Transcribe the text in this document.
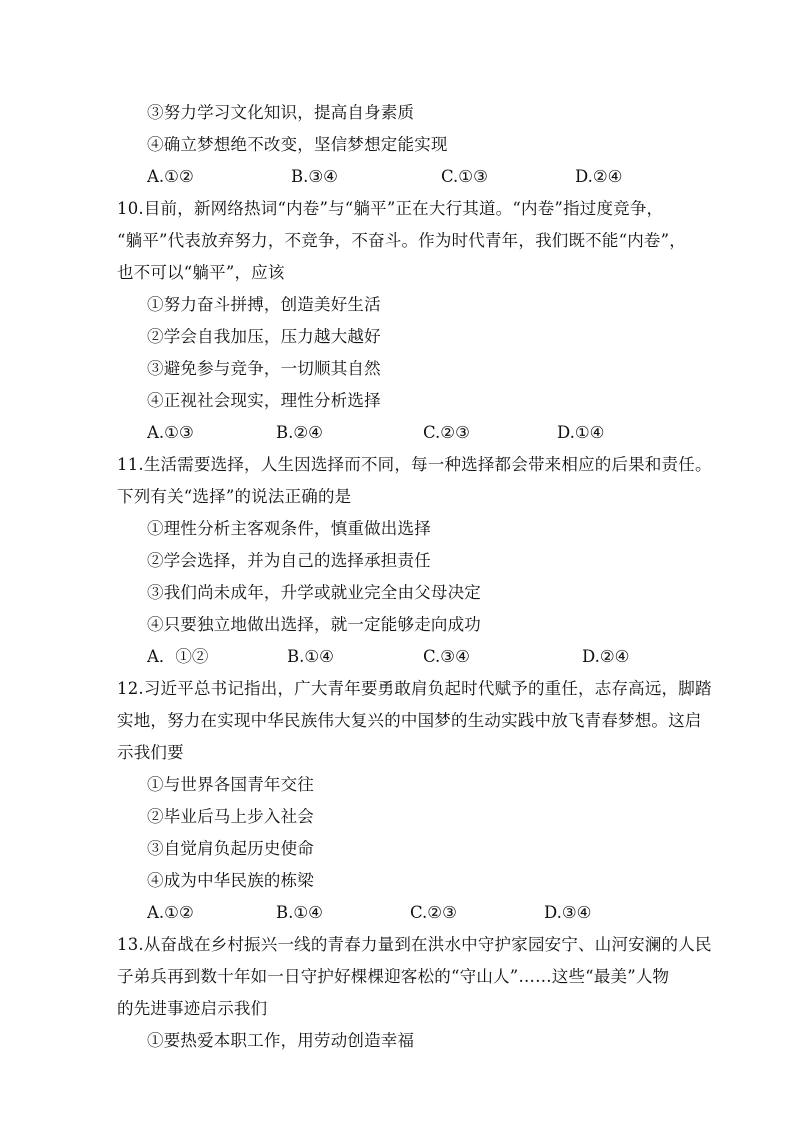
③努力学习文化知识，提高自身素质
④确立梦想绝不改变，坚信梦想定能实现
A.①②	B.③④	C.①③	D.②④
10.目前，新网络热词“内卷”与“躺平”正在大行其道。“内卷”指过度竞争，
“躺平”代表放弃努力，不竞争，不奋斗。作为时代青年，我们既不能“内卷”，
也不可以“躺平”，应该
①努力奋斗拼搏，创造美好生活
②学会自我加压，压力越大越好
③避免参与竞争，一切顺其自然
④正视社会现实，理性分析选择
A.①③	B.②④	C.②③	D.①④
11.生活需要选择，人生因选择而不同，每一种选择都会带来相应的后果和责任。
下列有关“选择”的说法正确的是
①理性分析主客观条件，慎重做出选择
②学会选择，并为自己的选择承担责任
③我们尚未成年，升学或就业完全由父母决定
④只要独立地做出选择，就一定能够走向成功
A．①②	B.①④	C.③④	D.②④
12.习近平总书记指出，广大青年要勇敢肩负起时代赋予的重任，志存高远，脚踏
实地，努力在实现中华民族伟大复兴的中国梦的生动实践中放飞青春梦想。这启
示我们要
①与世界各国青年交往
②毕业后马上步入社会
③自觉肩负起历史使命
④成为中华民族的栋梁
A.①②	B.①④	C.②③	D.③④
13.从奋战在乡村振兴一线的青春力量到在洪水中守护家园安宁、山河安澜的人民
子弟兵再到数十年如一日守护好棵棵迎客松的“守山人”……这些“最美”人物
的先进事迹启示我们
①要热爱本职工作，用劳动创造幸福
